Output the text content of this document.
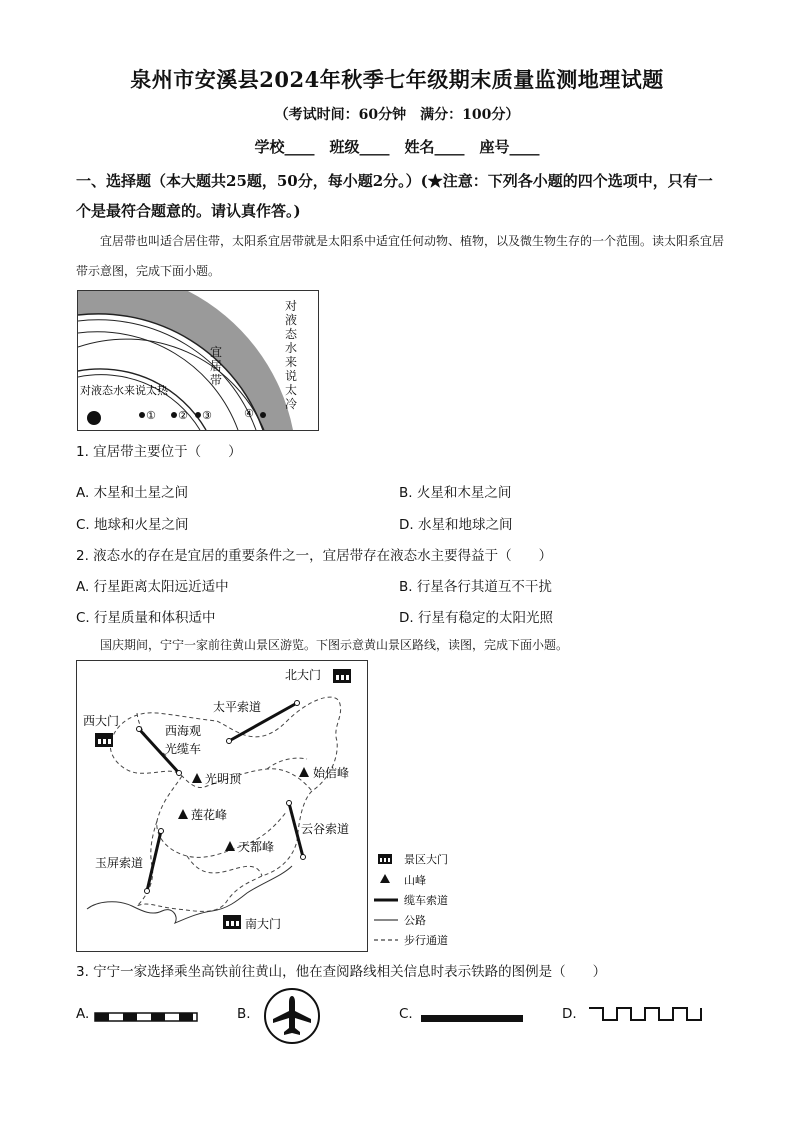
泉州市安溪县2024年秋季七年级期末质量监测地理试题
（考试时间：60分钟　满分：100分）
学校____　班级____　姓名____　座号____
一、选择题（本大题共25题，50分，每小题2分。）(★注意：下列各小题的四个选项中，只有一个是最符合题意的。请认真作答。)
宜居带也叫适合居住带，太阳系宜居带就是太阳系中适宜任何动物、植物，以及微生物生存的一个范围。读太阳系宜居带示意图，完成下面小题。
① ② ③	④
对液态水来说太热
宜居带
对液态水来说太冷
1. 宜居带主要位于（　　）
A. 木星和土星之间	B. 火星和木星之间
C. 地球和火星之间	D. 水星和地球之间
2. 液态水的存在是宜居的重要条件之一，宜居带存在液态水主要得益于（　　）
A. 行星距离太阳远近适中	B. 行星各行其道互不干扰
C. 行星质量和体积适中	D. 行星有稳定的太阳光照
国庆期间，宁宁一家前往黄山景区游览。下图示意黄山景区路线，读图，完成下面小题。
北大门
西大门
南大门
太平索道
西海观
光缆车
云谷索道
玉屏索道
光明顶	始信峰
莲花峰
天都峰
景区大门
山峰
缆车索道
公路
步行通道
3. 宁宁一家选择乘坐高铁前往黄山，他在查阅路线相关信息时表示铁路的图例是（　　）
A.	B.	C.	D.
